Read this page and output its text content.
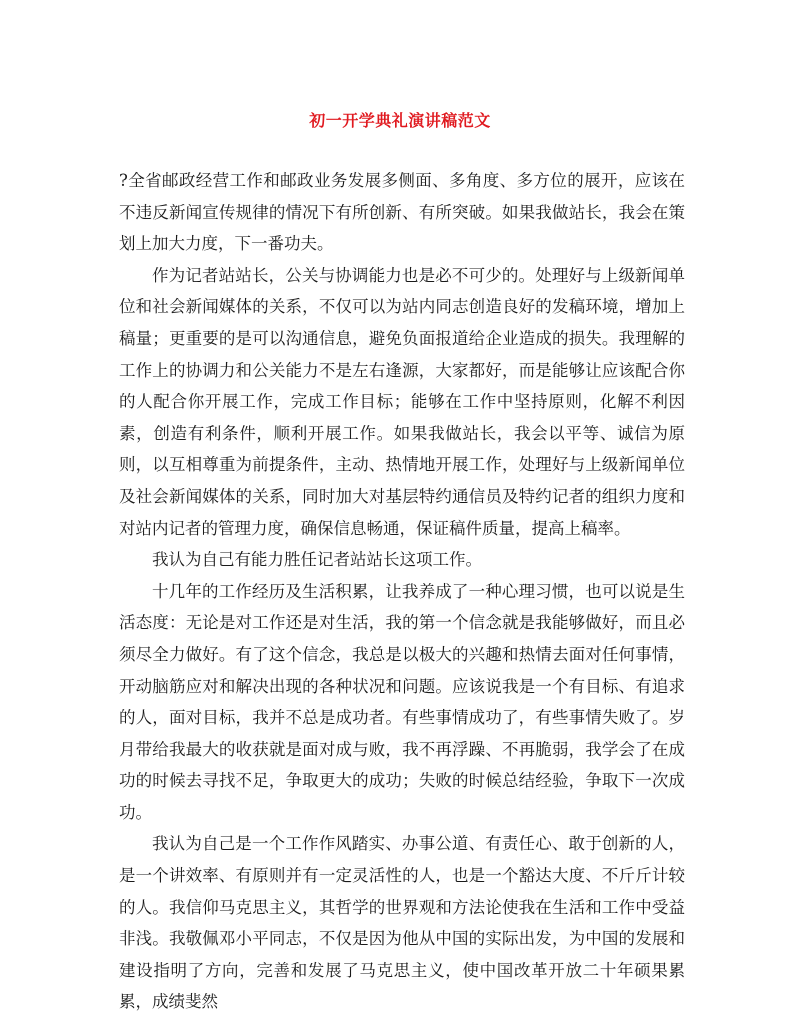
初一开学典礼演讲稿范文

?全省邮政经营工作和邮政业务发展多侧面、多角度、多方位的展开，应该在不违反新闻宣传规律的情况下有所创新、有所突破。如果我做站长，我会在策划上加大力度，下一番功夫。

作为记者站站长，公关与协调能力也是必不可少的。处理好与上级新闻单位和社会新闻媒体的关系，不仅可以为站内同志创造良好的发稿环境，增加上稿量；更重要的是可以沟通信息，避免负面报道给企业造成的损失。我理解的工作上的协调力和公关能力不是左右逢源，大家都好，而是能够让应该配合你的人配合你开展工作，完成工作目标；能够在工作中坚持原则，化解不利因素，创造有利条件，顺利开展工作。如果我做站长，我会以平等、诚信为原则，以互相尊重为前提条件，主动、热情地开展工作，处理好与上级新闻单位及社会新闻媒体的关系，同时加大对基层特约通信员及特约记者的组织力度和对站内记者的管理力度，确保信息畅通，保证稿件质量，提高上稿率。

我认为自己有能力胜任记者站站长这项工作。

十几年的工作经历及生活积累，让我养成了一种心理习惯，也可以说是生活态度：无论是对工作还是对生活，我的第一个信念就是我能够做好，而且必须尽全力做好。有了这个信念，我总是以极大的兴趣和热情去面对任何事情，开动脑筋应对和解决出现的各种状况和问题。应该说我是一个有目标、有追求的人，面对目标，我并不总是成功者。有些事情成功了，有些事情失败了。岁月带给我最大的收获就是面对成与败，我不再浮躁、不再脆弱，我学会了在成功的时候去寻找不足，争取更大的成功；失败的时候总结经验，争取下一次成功。

我认为自己是一个工作作风踏实、办事公道、有责任心、敢于创新的人，是一个讲效率、有原则并有一定灵活性的人，也是一个豁达大度、不斤斤计较的人。我信仰马克思主义，其哲学的世界观和方法论使我在生活和工作中受益非浅。我敬佩邓小平同志，不仅是因为他从中国的实际出发，为中国的发展和建设指明了方向，完善和发展了马克思主义，使中国改革开放二十年硕果累累，成绩斐然
